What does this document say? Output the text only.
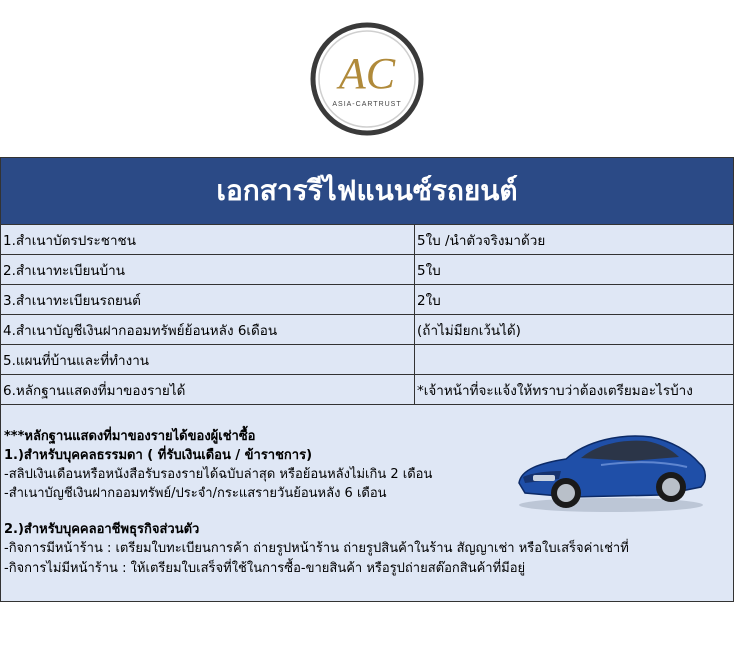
AC
ASIA-CARTRUST
เอกสารรีไฟแนนซ์รถยนต์
1.สำเนาบัตรประชาชน	5ใบ /นำตัวจริงมาด้วย
2.สำเนาทะเบียนบ้าน	5ใบ
3.สำเนาทะเบียนรถยนต์	2ใบ
4.สำเนาบัญชีเงินฝากออมทรัพย์ย้อนหลัง 6เดือน	(ถ้าไม่มียกเว้นได้)
5.แผนที่บ้านและที่ทำงาน
6.หลักฐานแสดงที่มาของรายได้	*เจ้าหน้าที่จะแจ้งให้ทราบว่าต้องเตรียมอะไรบ้าง
***หลักฐานแสดงที่มาของรายได้ของผู้เช่าซื้อ
1.)สำหรับบุคคลธรรมดา ( ที่รับเงินเดือน / ข้าราชการ)
-สลิปเงินเดือนหรือหนังสือรับรองรายได้ฉบับล่าสุด หรือย้อนหลังไม่เกิน 2 เดือน
-สำเนาบัญชีเงินฝากออมทรัพย์/ประจำ/กระแสรายวันย้อนหลัง 6 เดือน
2.)สำหรับบุคคลอาชีพธุรกิจส่วนตัว
-กิจการมีหน้าร้าน : เตรียมใบทะเบียนการค้า ถ่ายรูปหน้าร้าน ถ่ายรูปสินค้าในร้าน สัญญาเช่า หรือใบเสร็จค่าเช่าที่
-กิจการไม่มีหน้าร้าน : ให้เตรียมใบเสร็จที่ใช้ในการซื้อ-ขายสินค้า หรือรูปถ่ายสต๊อกสินค้าที่มีอยู่
